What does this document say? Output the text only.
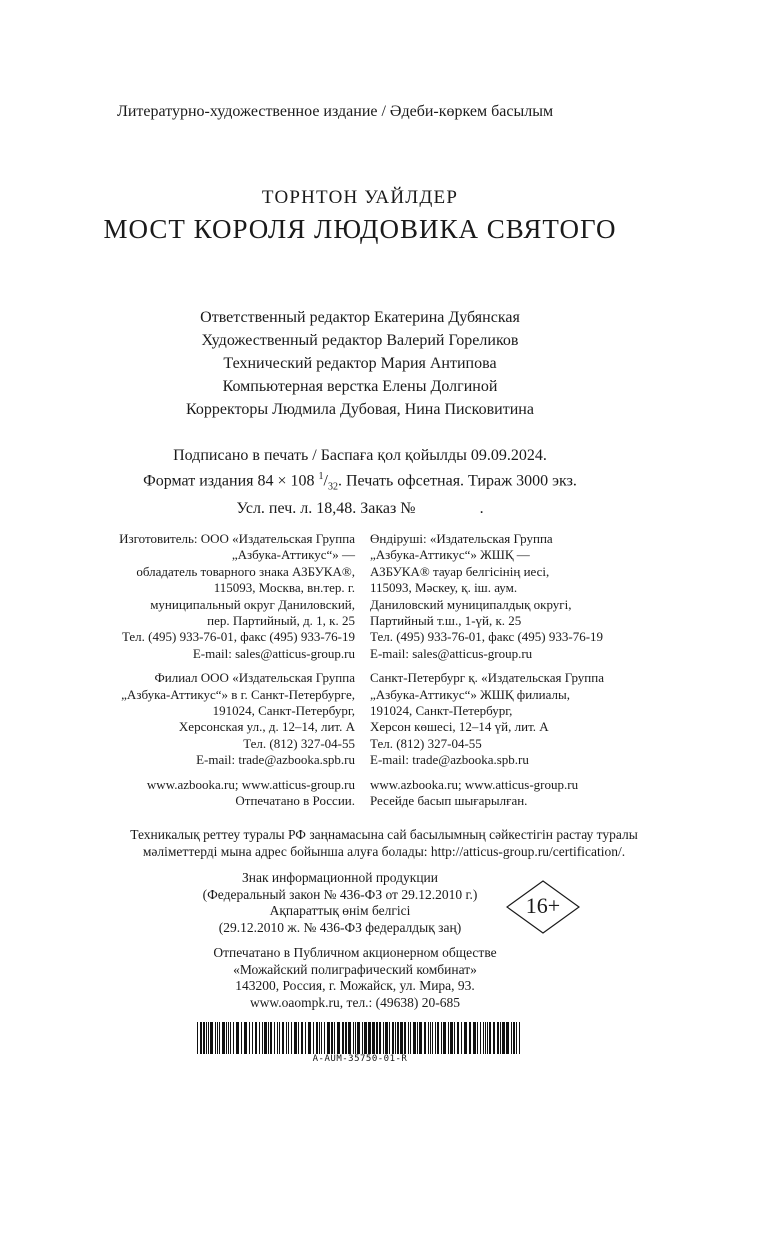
Литературно-художественное издание / Әдеби-көркем басылым
ТОРНТОН УАЙЛДЕР
МОСТ КОРОЛЯ ЛЮДОВИКА СВЯТОГО
Ответственный редактор Екатерина Дубянская
Художественный редактор Валерий Гореликов
Технический редактор Мария Антипова
Компьютерная верстка Елены Долгиной
Корректоры Людмила Дубовая, Нина Писковитина
Подписано в печать / Баспаға қол қойылды 09.09.2024.
Формат издания 84 × 108 $^1/_{32}$. Печать офсетная. Тираж 3000 экз.
Усл. печ. л. 18,48. Заказ №                .
Изготовитель: ООО «Издательская Группа
„Азбука-Аттикус“» —
обладатель товарного знака АЗБУКА®,
115093, Москва, вн.тер. г.
муниципальный округ Даниловский,
пер. Партийный, д. 1, к. 25
Тел. (495) 933-76-01, факс (495) 933-76-19
E-mail: sales@atticus-group.ru
Филиал ООО «Издательская Группа
„Азбука-Аттикус“» в г. Санкт-Петербурге,
191024, Санкт-Петербург,
Херсонская ул., д. 12–14, лит. А
Тел. (812) 327-04-55
E-mail: trade@azbooka.spb.ru
www.azbooka.ru; www.atticus-group.ru
Отпечатано в России.
Өндіруші: «Издательская Группа
„Азбука-Аттикус“» ЖШҚ —
АЗБУКА® тауар белгісінің иесі,
115093, Мәскеу, қ. іш. аум.
Даниловский муниципалдық округі,
Партийный т.ш., 1-үй, к. 25
Тел. (495) 933-76-01, факс (495) 933-76-19
E-mail: sales@atticus-group.ru
Санкт-Петербург қ. «Издательская Группа
„Азбука-Аттикус“» ЖШҚ филиалы,
191024, Санкт-Петербург,
Херсон көшесі, 12–14 үй, лит. А
Тел. (812) 327-04-55
E-mail: trade@azbooka.spb.ru
www.azbooka.ru; www.atticus-group.ru
Ресейде басып шығарылған.
Техникалық реттеу туралы РФ заңнамасына сай басылымның сәйкестігін растау туралы
мәліметтерді мына адрес бойынша алуға болады: http://atticus-group.ru/certification/.
Знак информационной продукции
(Федеральный закон № 436-ФЗ от 29.12.2010 г.)
Ақпараттық өнім белгісі
(29.12.2010 ж. № 436-ФЗ федералдық заң)
16+
Отпечатано в Публичном акционерном обществе
«Можайский полиграфический комбинат»
143200, Россия, г. Можайск, ул. Мира, 93.
www.oaompk.ru, тел.: (49638) 20-685
A-AUM-35750-01-R
